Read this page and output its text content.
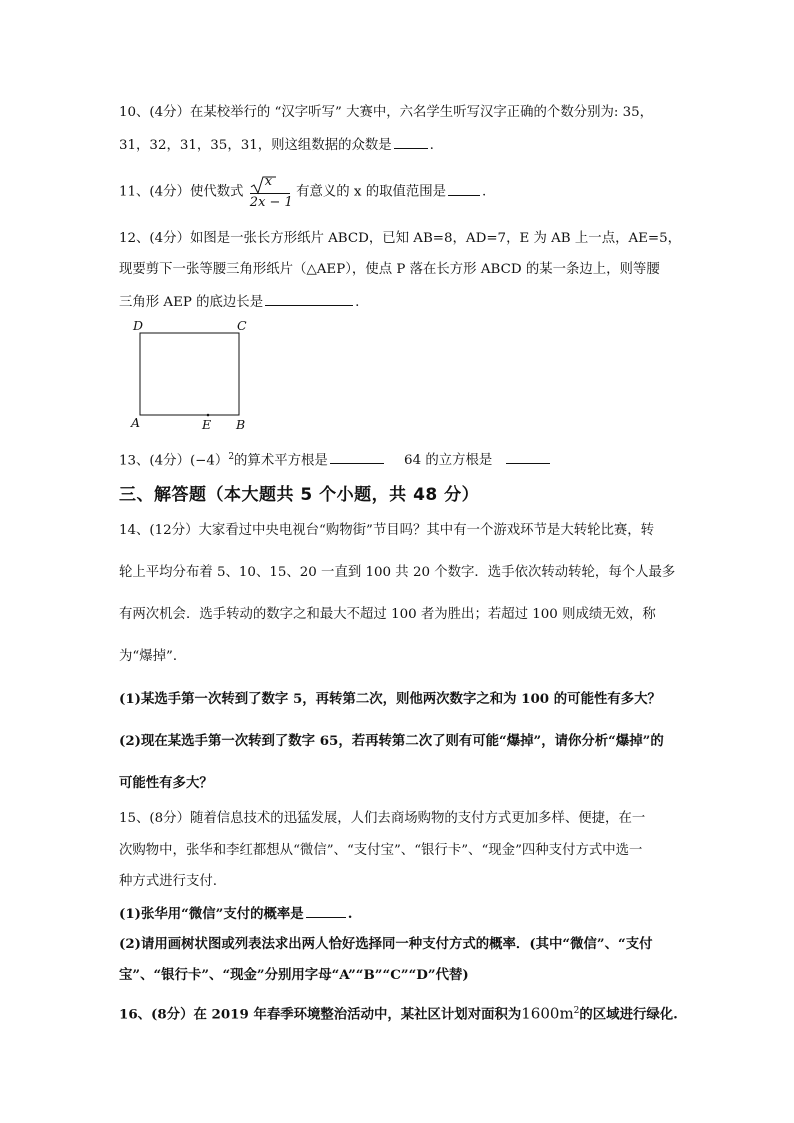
10、(4分）在某校举行的 “汉字听写” 大赛中，六名学生听写汉字正确的个数分别为: 35，
31，32，31，35，31，则这组数据的众数是	.
11、(4分）使代数式 $\frac{x}{2x - 1}$ 有意义的 x 的取值范围是	.
12、(4分）如图是一张长方形纸片 ABCD，已知 AB=8，AD=7，E 为 AB 上一点，AE=5，
现要剪下一张等腰三角形纸片（△AEP），使点 P 落在长方形 ABCD 的某一条边上，则等腰
三角形 AEP 的底边长是	.
D	C
A	E B
13、(4分）(−4）$^2$的算术平方根是	64 的立方根是
三、解答题（本大题共 5 个小题，共 48 分）
14、(12分）大家看过中央电视台“购物街”节目吗？其中有一个游戏环节是大转轮比赛，转
轮上平均分布着 5、10、15、20 一直到 100 共 20 个数字．选手依次转动转轮，每个人最多
有两次机会．选手转动的数字之和最大不超过 100 者为胜出；若超过 100 则成绩无效，称
为“爆掉”．
(1)某选手第一次转到了数字 5，再转第二次，则他两次数字之和为 100 的可能性有多大？
(2)现在某选手第一次转到了数字 65，若再转第二次了则有可能“爆掉”，请你分析“爆掉”的
可能性有多大？
15、(8分）随着信息技术的迅猛发展，人们去商场购物的支付方式更加多样、便捷，在一
次购物中，张华和李红都想从“微信”、“支付宝”、“银行卡”、“现金”四种支付方式中选一
种方式进行支付.
(1)张华用“微信”支付的概率是	.
(2)请用画树状图或列表法求出两人恰好选择同一种支付方式的概率．(其中“微信”、“支付
宝”、“银行卡”、“现金”分别用字母“A”“B”“C”“D”代替)
16、(8分）在 2019 年春季环境整治活动中，某社区计划对面积为$1600m^2$的区域进行绿化.
